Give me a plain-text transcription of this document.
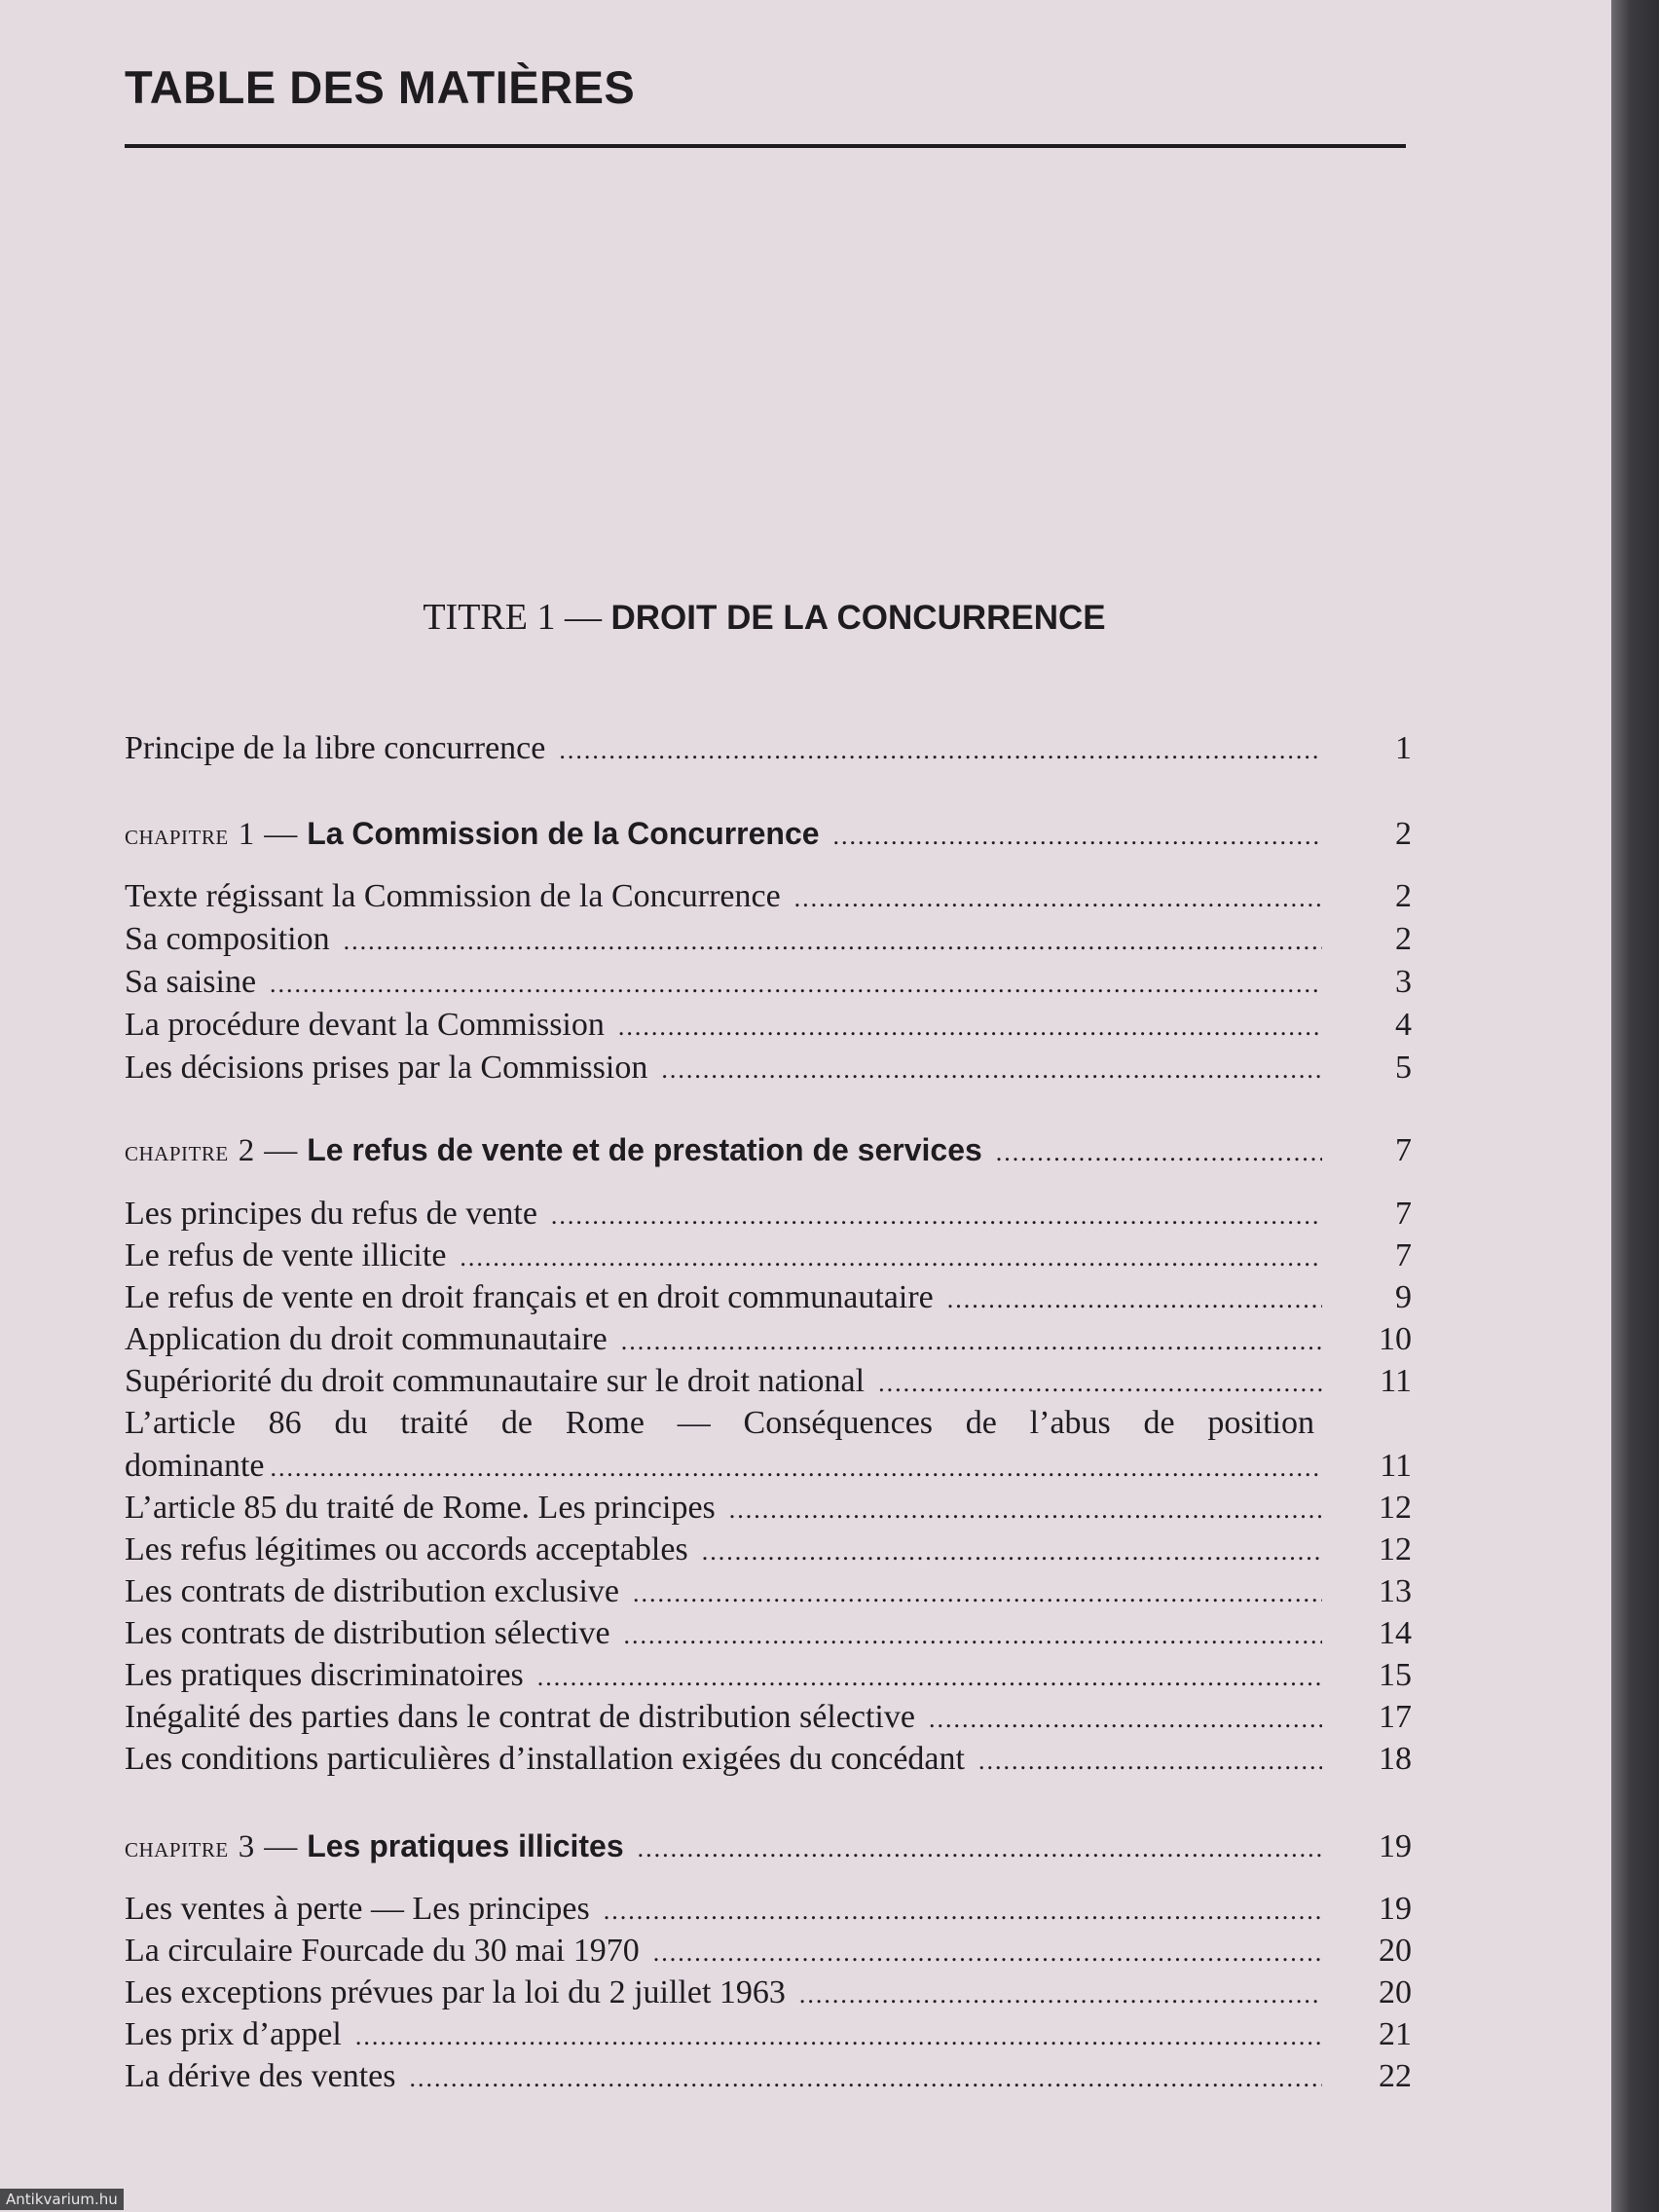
TABLE DES MATIÈRES
TITRE 1 — DROIT DE LA CONCURRENCE
Principe de la libre concurrence .....	1
chapitre 1 — La Commission de la Concurrence .....	2
Texte régissant la Commission de la Concurrence .....	2
Sa composition .....	2
Sa saisine .....	3
La procédure devant la Commission .....	4
Les décisions prises par la Commission .....	5
chapitre 2 — Le refus de vente et de prestation de services .....	7
Les principes du refus de vente .....	7
Le refus de vente illicite .....	7
Le refus de vente en droit français et en droit communautaire .....	9
Application du droit communautaire .....	10
Supériorité du droit communautaire sur le droit national .....	11
L’article 86 du traité de Rome — Conséquences de l’abus de position
dominante .....	11
L’article 85 du traité de Rome. Les principes .....	12
Les refus légitimes ou accords acceptables .....	12
Les contrats de distribution exclusive .....	13
Les contrats de distribution sélective .....	14
Les pratiques discriminatoires .....	15
Inégalité des parties dans le contrat de distribution sélective .....	17
Les conditions particulières d’installation exigées du concédant .....	18
chapitre 3 — Les pratiques illicites .....	19
Les ventes à perte — Les principes .....	19
La circulaire Fourcade du 30 mai 1970 .....	20
Les exceptions prévues par la loi du 2 juillet 1963 .....	20
Les prix d’appel .....	21
La dérive des ventes .....	22
Antikvarium.hu
